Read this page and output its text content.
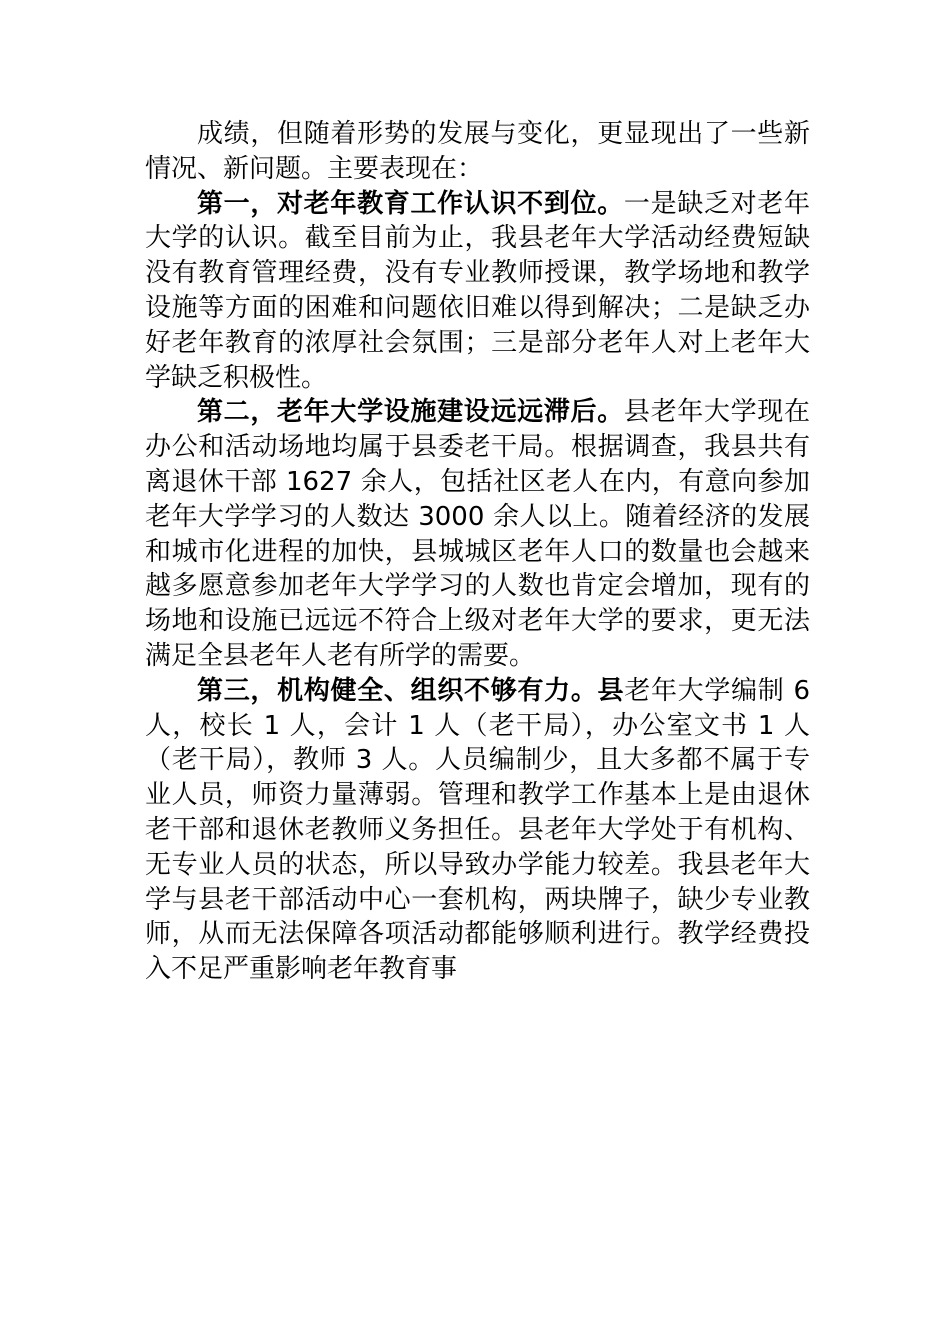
成绩，但随着形势的发展与变化，更显现出了一些新情况、新问题。主要表现在：

第一，对老年教育工作认识不到位。一是缺乏对老年大学的认识。截至目前为止，我县老年大学活动经费短缺没有教育管理经费，没有专业教师授课，教学场地和教学设施等方面的困难和问题依旧难以得到解决；二是缺乏办好老年教育的浓厚社会氛围；三是部分老年人对上老年大学缺乏积极性。

第二，老年大学设施建设远远滞后。县老年大学现在办公和活动场地均属于县委老干局。根据调查，我县共有离退休干部 1627 余人，包括社区老人在内，有意向参加老年大学学习的人数达 3000 余人以上。随着经济的发展和城市化进程的加快，县城城区老年人口的数量也会越来越多愿意参加老年大学学习的人数也肯定会增加，现有的场地和设施已远远不符合上级对老年大学的要求，更无法满足全县老年人老有所学的需要。

第三，机构健全、组织不够有力。县老年大学编制 6 人，校长 1 人，会计 1 人（老干局），办公室文书 1 人（老干局），教师 3 人。人员编制少，且大多都不属于专业人员，师资力量薄弱。管理和教学工作基本上是由退休老干部和退休老教师义务担任。县老年大学处于有机构、无专业人员的状态，所以导致办学能力较差。我县老年大学与县老干部活动中心一套机构，两块牌子，缺少专业教师，从而无法保障各项活动都能够顺利进行。教学经费投入不足严重影响老年教育事
